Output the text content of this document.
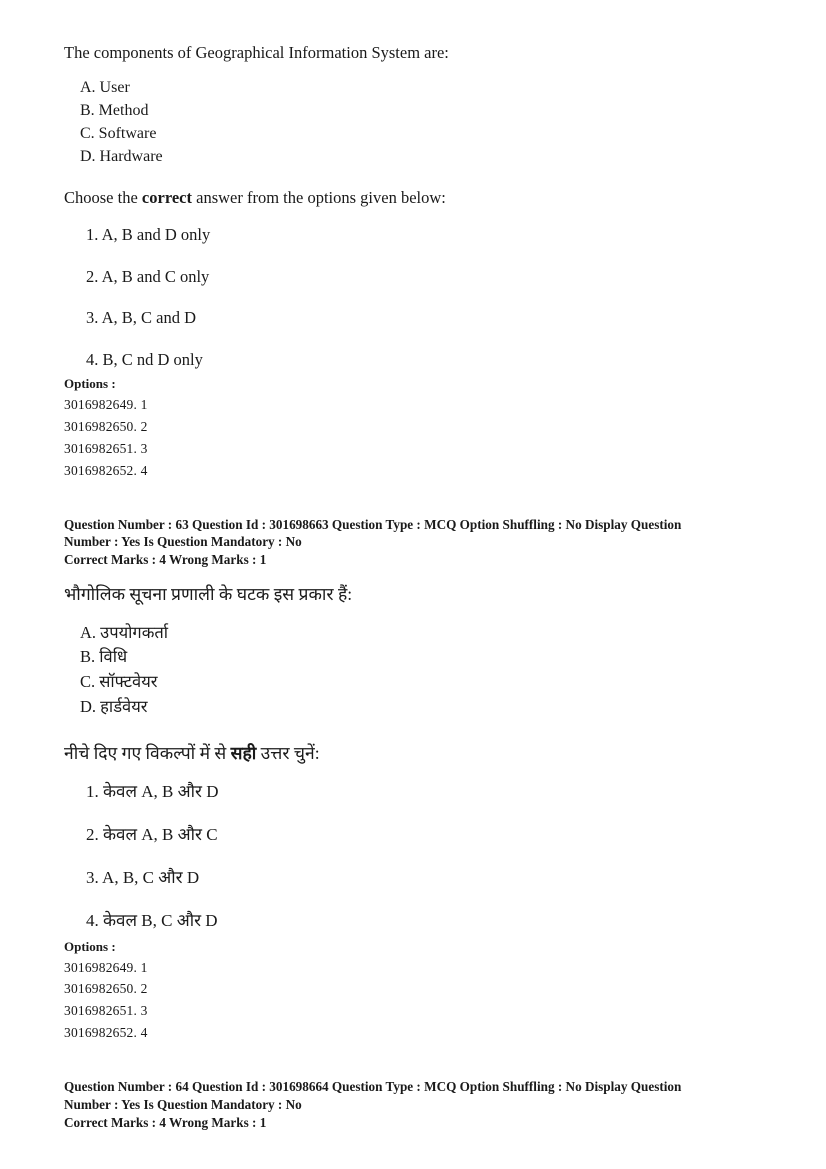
The components of Geographical Information System are:

A. User
B. Method
C. Software
D. Hardware

Choose the correct answer from the options given below:

1. A, B and D only
2. A, B and C only
3. A, B, C and D
4. B, C nd D only

Options :

3016982649. 1
3016982650. 2
3016982651. 3
3016982652. 4

Question Number : 63 Question Id : 301698663 Question Type : MCQ Option Shuffling : No Display Question
Number : Yes Is Question Mandatory : No
Correct Marks : 4 Wrong Marks : 1

भौगोलिक सूचना प्रणाली के घटक इस प्रकार हैं:

A. उपयोगकर्ता
B. विधि
C. सॉफ्टवेयर
D. हार्डवेयर

नीचे दिए गए विकल्पों में से सही उत्तर चुनें:

1. केवल A, B और D
2. केवल A, B और C
3. A, B, C और D
4. केवल B, C और D

Options :

3016982649. 1
3016982650. 2
3016982651. 3
3016982652. 4

Question Number : 64 Question Id : 301698664 Question Type : MCQ Option Shuffling : No Display Question
Number : Yes Is Question Mandatory : No
Correct Marks : 4 Wrong Marks : 1
